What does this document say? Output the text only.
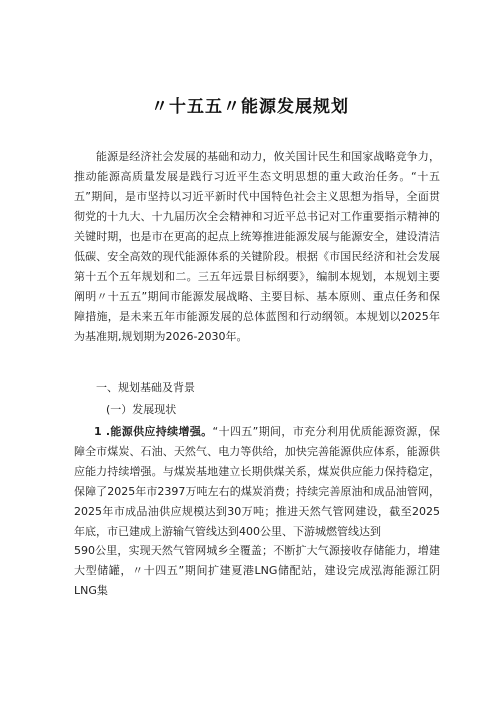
〃十五五〃能源发展规划
能源是经济社会发展的基础和动力，攸关国计民生和国家战略竞争力，推动能源高质量发展是践行习近平生态文明思想的重大政治任务。“十五五”期间，是市坚持以习近平新时代中国特色社会主义思想为指导，全面贯彻党的十九大、十九届历次全会精神和习近平总书记对工作重要指示精神的关键时期，也是市在更高的起点上统筹推进能源发展与能源安全，建设清洁低碳、安全高效的现代能源体系的关键阶段。根据《市国民经济和社会发展第十五个五年规划和二。三五年远景目标纲要》，编制本规划，本规划主要阐明〃十五五”期间市能源发展战略、主要目标、基本原则、重点任务和保障措施，是未来五年市能源发展的总体蓝图和行动纲领。本规划以2025年为基准期,规划期为2026-2030年。
一、规划基础及背景
(一）发展现状
1 .能源供应持续增强。“十四五”期间，市充分利用优质能源资源，保障全市煤炭、石油、天然气、电力等供给，加快完善能源供应体系，能源供应能力持续增强。与煤炭基地建立长期供煤关系，煤炭供应能力保持稳定，保障了2025年市2397万吨左右的煤炭消费；持续完善原油和成品油管网，2025年市成品油供应规模达到30万吨；推进天然气管网建设，截至2025年底，市已建成上游输气管线达到400公里、下游城燃管线达到
590公里，实现天然气管网城乡全覆盖；不断扩大气源接收存储能力，增建大型储罐，〃十四五”期间扩建夏港LNG储配站，建设完成泓海能源江阴LNG集
